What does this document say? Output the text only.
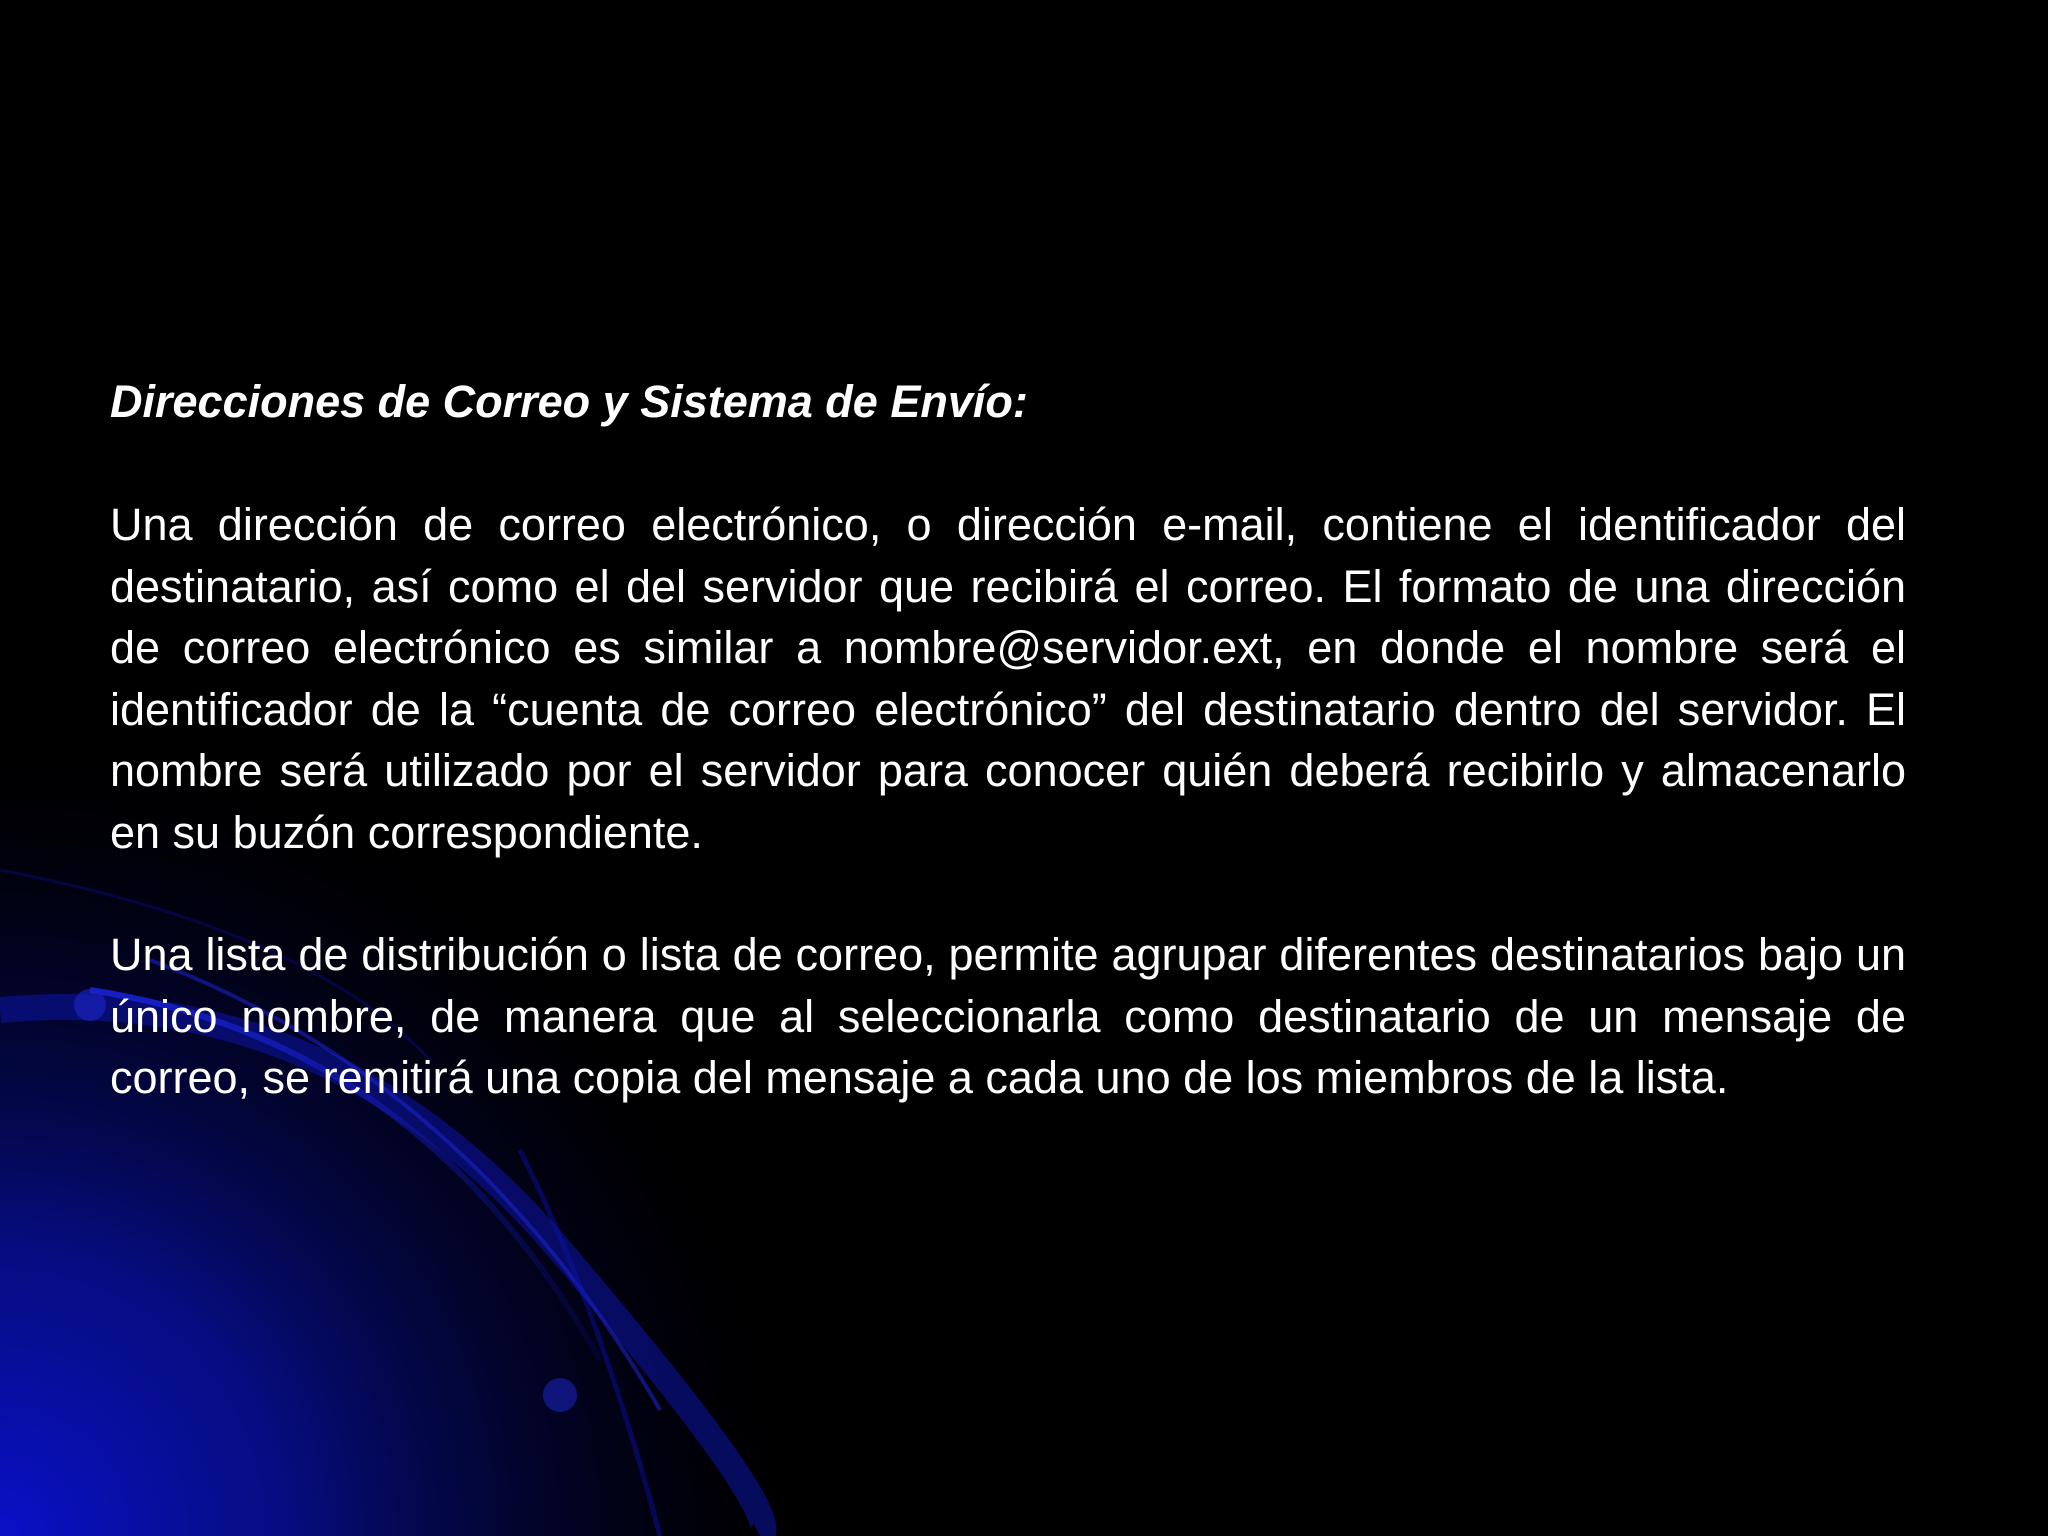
Direcciones de Correo y Sistema de Envío:

Una dirección de correo electrónico, o dirección e-mail, contiene el identificador del destinatario, así como el del servidor que recibirá el correo. El formato de una dirección de correo electrónico es similar a nombre@servidor.ext, en donde el nombre será el identificador de la “cuenta de correo electrónico” del destinatario dentro del servidor. El nombre será utilizado por el servidor para conocer quién deberá recibirlo y almacenarlo en su buzón correspondiente.

Una lista de distribución o lista de correo, permite agrupar diferentes destinatarios bajo un único nombre, de manera que al seleccionarla como destinatario de un mensaje de correo, se remitirá una copia del mensaje a cada uno de los miembros de la lista.
